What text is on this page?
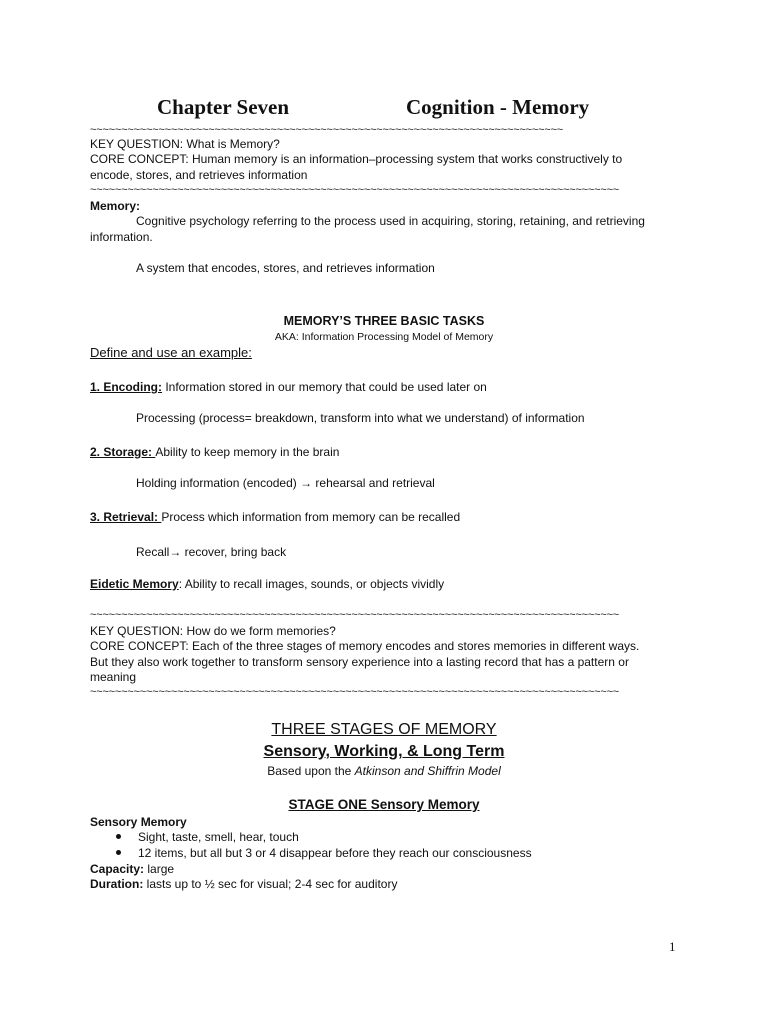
Chapter Seven	Cognition - Memory
~~~~~~~~~~~~~~~~~~~~~~~~~~~~~~~~~~~~~~~~~~~~~~~~~~~~~~~~~~~~~~~~~~~~~~~~~~~~
KEY QUESTION: What is Memory?
CORE CONCEPT: Human memory is an information–processing system that works constructively to
encode, stores, and retrieves information
~~~~~~~~~~~~~~~~~~~~~~~~~~~~~~~~~~~~~~~~~~~~~~~~~~~~~~~~~~~~~~~~~~~~~~~~~~~~~~~~~~~~~
Memory:
Cognitive psychology referring to the process used in acquiring, storing, retaining, and retrieving
information.
A system that encodes, stores, and retrieves information
MEMORY’S THREE BASIC TASKS
AKA: Information Processing Model of Memory
Define and use an example:
1. Encoding: Information stored in our memory that could be used later on
Processing (process= breakdown, transform into what we understand) of information
2. Storage: Ability to keep memory in the brain
Holding information (encoded) → rehearsal and retrieval
3. Retrieval: Process which information from memory can be recalled
Recall→ recover, bring back
Eidetic Memory: Ability to recall images, sounds, or objects vividly
~~~~~~~~~~~~~~~~~~~~~~~~~~~~~~~~~~~~~~~~~~~~~~~~~~~~~~~~~~~~~~~~~~~~~~~~~~~~~~~~~~~~~
KEY QUESTION: How do we form memories?
CORE CONCEPT: Each of the three stages of memory encodes and stores memories in different ways.
But they also work together to transform sensory experience into a lasting record that has a pattern or
meaning
~~~~~~~~~~~~~~~~~~~~~~~~~~~~~~~~~~~~~~~~~~~~~~~~~~~~~~~~~~~~~~~~~~~~~~~~~~~~~~~~~~~~~
THREE STAGES OF MEMORY
Sensory, Working, & Long Term
Based upon the Atkinson and Shiffrin Model
STAGE ONE Sensory Memory
Sensory Memory
Sight, taste, smell, hear, touch
12 items, but all but 3 or 4 disappear before they reach our consciousness
Capacity: large
Duration: lasts up to ½ sec for visual; 2-4 sec for auditory
1
